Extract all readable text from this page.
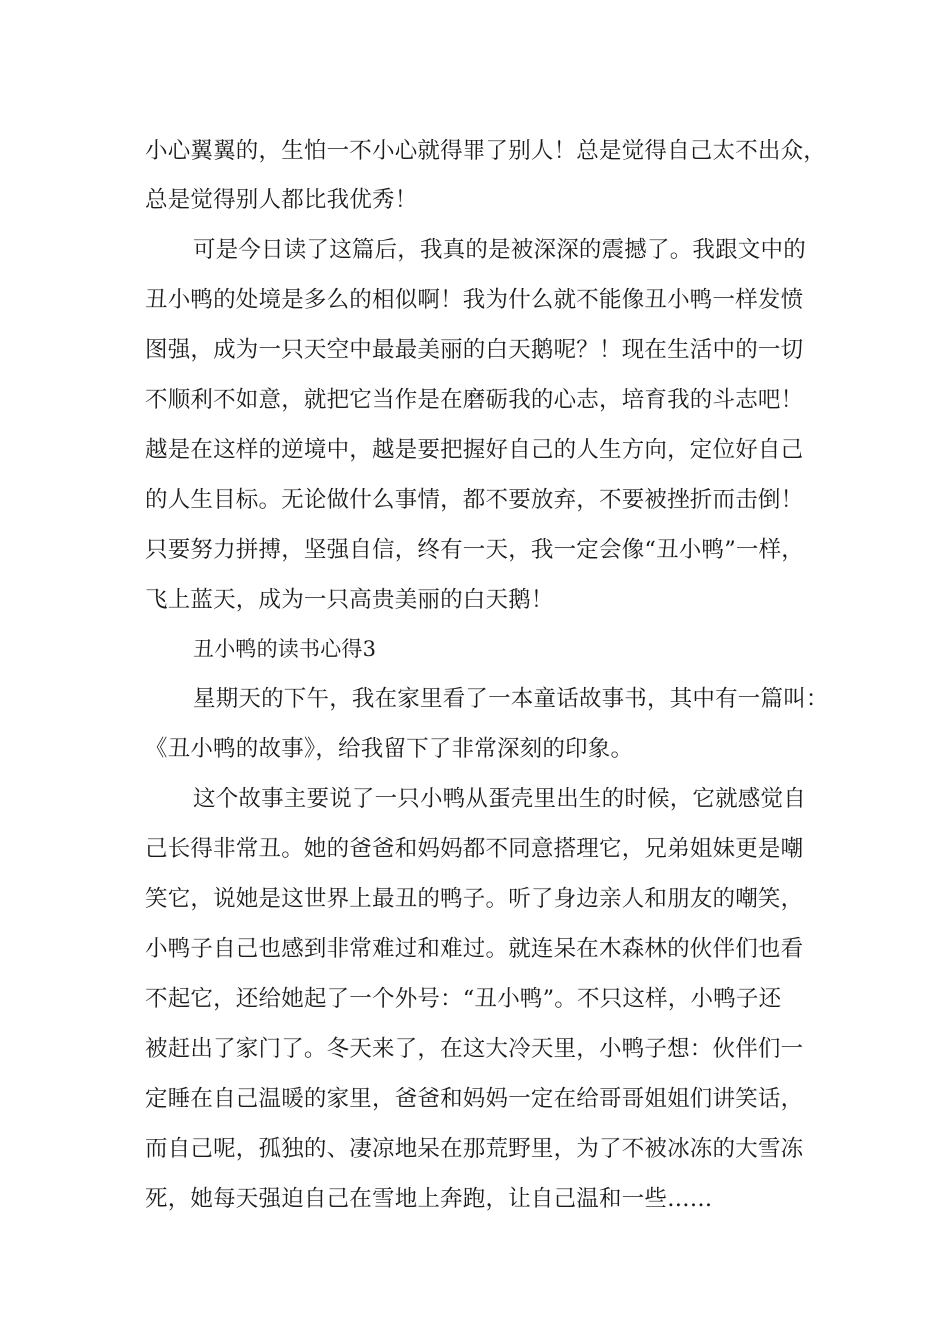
小心翼翼的，生怕一不小心就得罪了别人！总是觉得自己太不出众，
总是觉得别人都比我优秀！
可是今日读了这篇后，我真的是被深深的震撼了。我跟文中的
丑小鸭的处境是多么的相似啊！我为什么就不能像丑小鸭一样发愤
图强，成为一只天空中最最美丽的白天鹅呢？！现在生活中的一切
不顺利不如意，就把它当作是在磨砺我的心志，培育我的斗志吧！
越是在这样的逆境中，越是要把握好自己的人生方向，定位好自己
的人生目标。无论做什么事情，都不要放弃，不要被挫折而击倒！
只要努力拼搏，坚强自信，终有一天，我一定会像“丑小鸭”一样，
飞上蓝天，成为一只高贵美丽的白天鹅！
丑小鸭的读书心得3
星期天的下午，我在家里看了一本童话故事书，其中有一篇叫：
《丑小鸭的故事》，给我留下了非常深刻的印象。
这个故事主要说了一只小鸭从蛋壳里出生的时候，它就感觉自
己长得非常丑。她的爸爸和妈妈都不同意搭理它，兄弟姐妹更是嘲
笑它，说她是这世界上最丑的鸭子。听了身边亲人和朋友的嘲笑，
小鸭子自己也感到非常难过和难过。就连呆在木森林的伙伴们也看
不起它，还给她起了一个外号：“丑小鸭”。不只这样，小鸭子还
被赶出了家门了。冬天来了，在这大冷天里，小鸭子想：伙伴们一
定睡在自己温暖的家里，爸爸和妈妈一定在给哥哥姐姐们讲笑话，
而自己呢，孤独的、凄凉地呆在那荒野里，为了不被冰冻的大雪冻
死，她每天强迫自己在雪地上奔跑，让自己温和一些……
